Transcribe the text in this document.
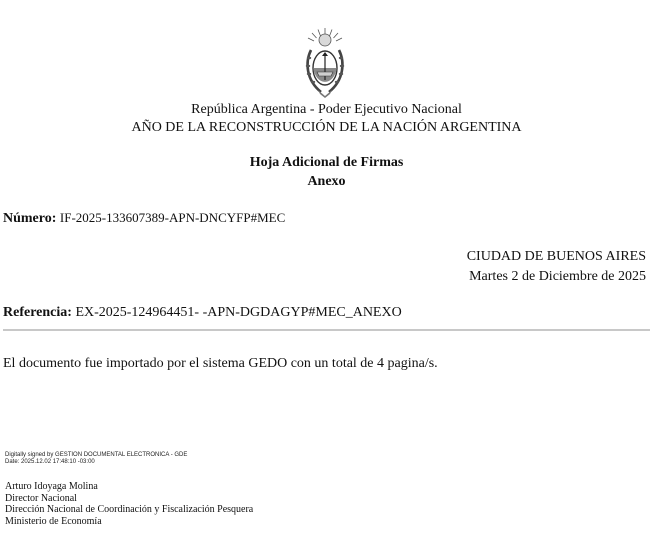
República Argentina - Poder Ejecutivo Nacional
AÑO DE LA RECONSTRUCCIÓN DE LA NACIÓN ARGENTINA
Hoja Adicional de Firmas
Anexo
Número: IF-2025-133607389-APN-DNCYFP#MEC
CIUDAD DE BUENOS AIRES
Martes 2 de Diciembre de 2025
Referencia: EX-2025-124964451- -APN-DGDAGYP#MEC_ANEXO
El documento fue importado por el sistema GEDO con un total de 4 pagina/s.
Digitally signed by GESTION DOCUMENTAL ELECTRONICA - GDE
Date: 2025.12.02 17:48:10 -03:00
Arturo Idoyaga Molina
Director Nacional
Dirección Nacional de Coordinación y Fiscalización Pesquera
Ministerio de Economía
